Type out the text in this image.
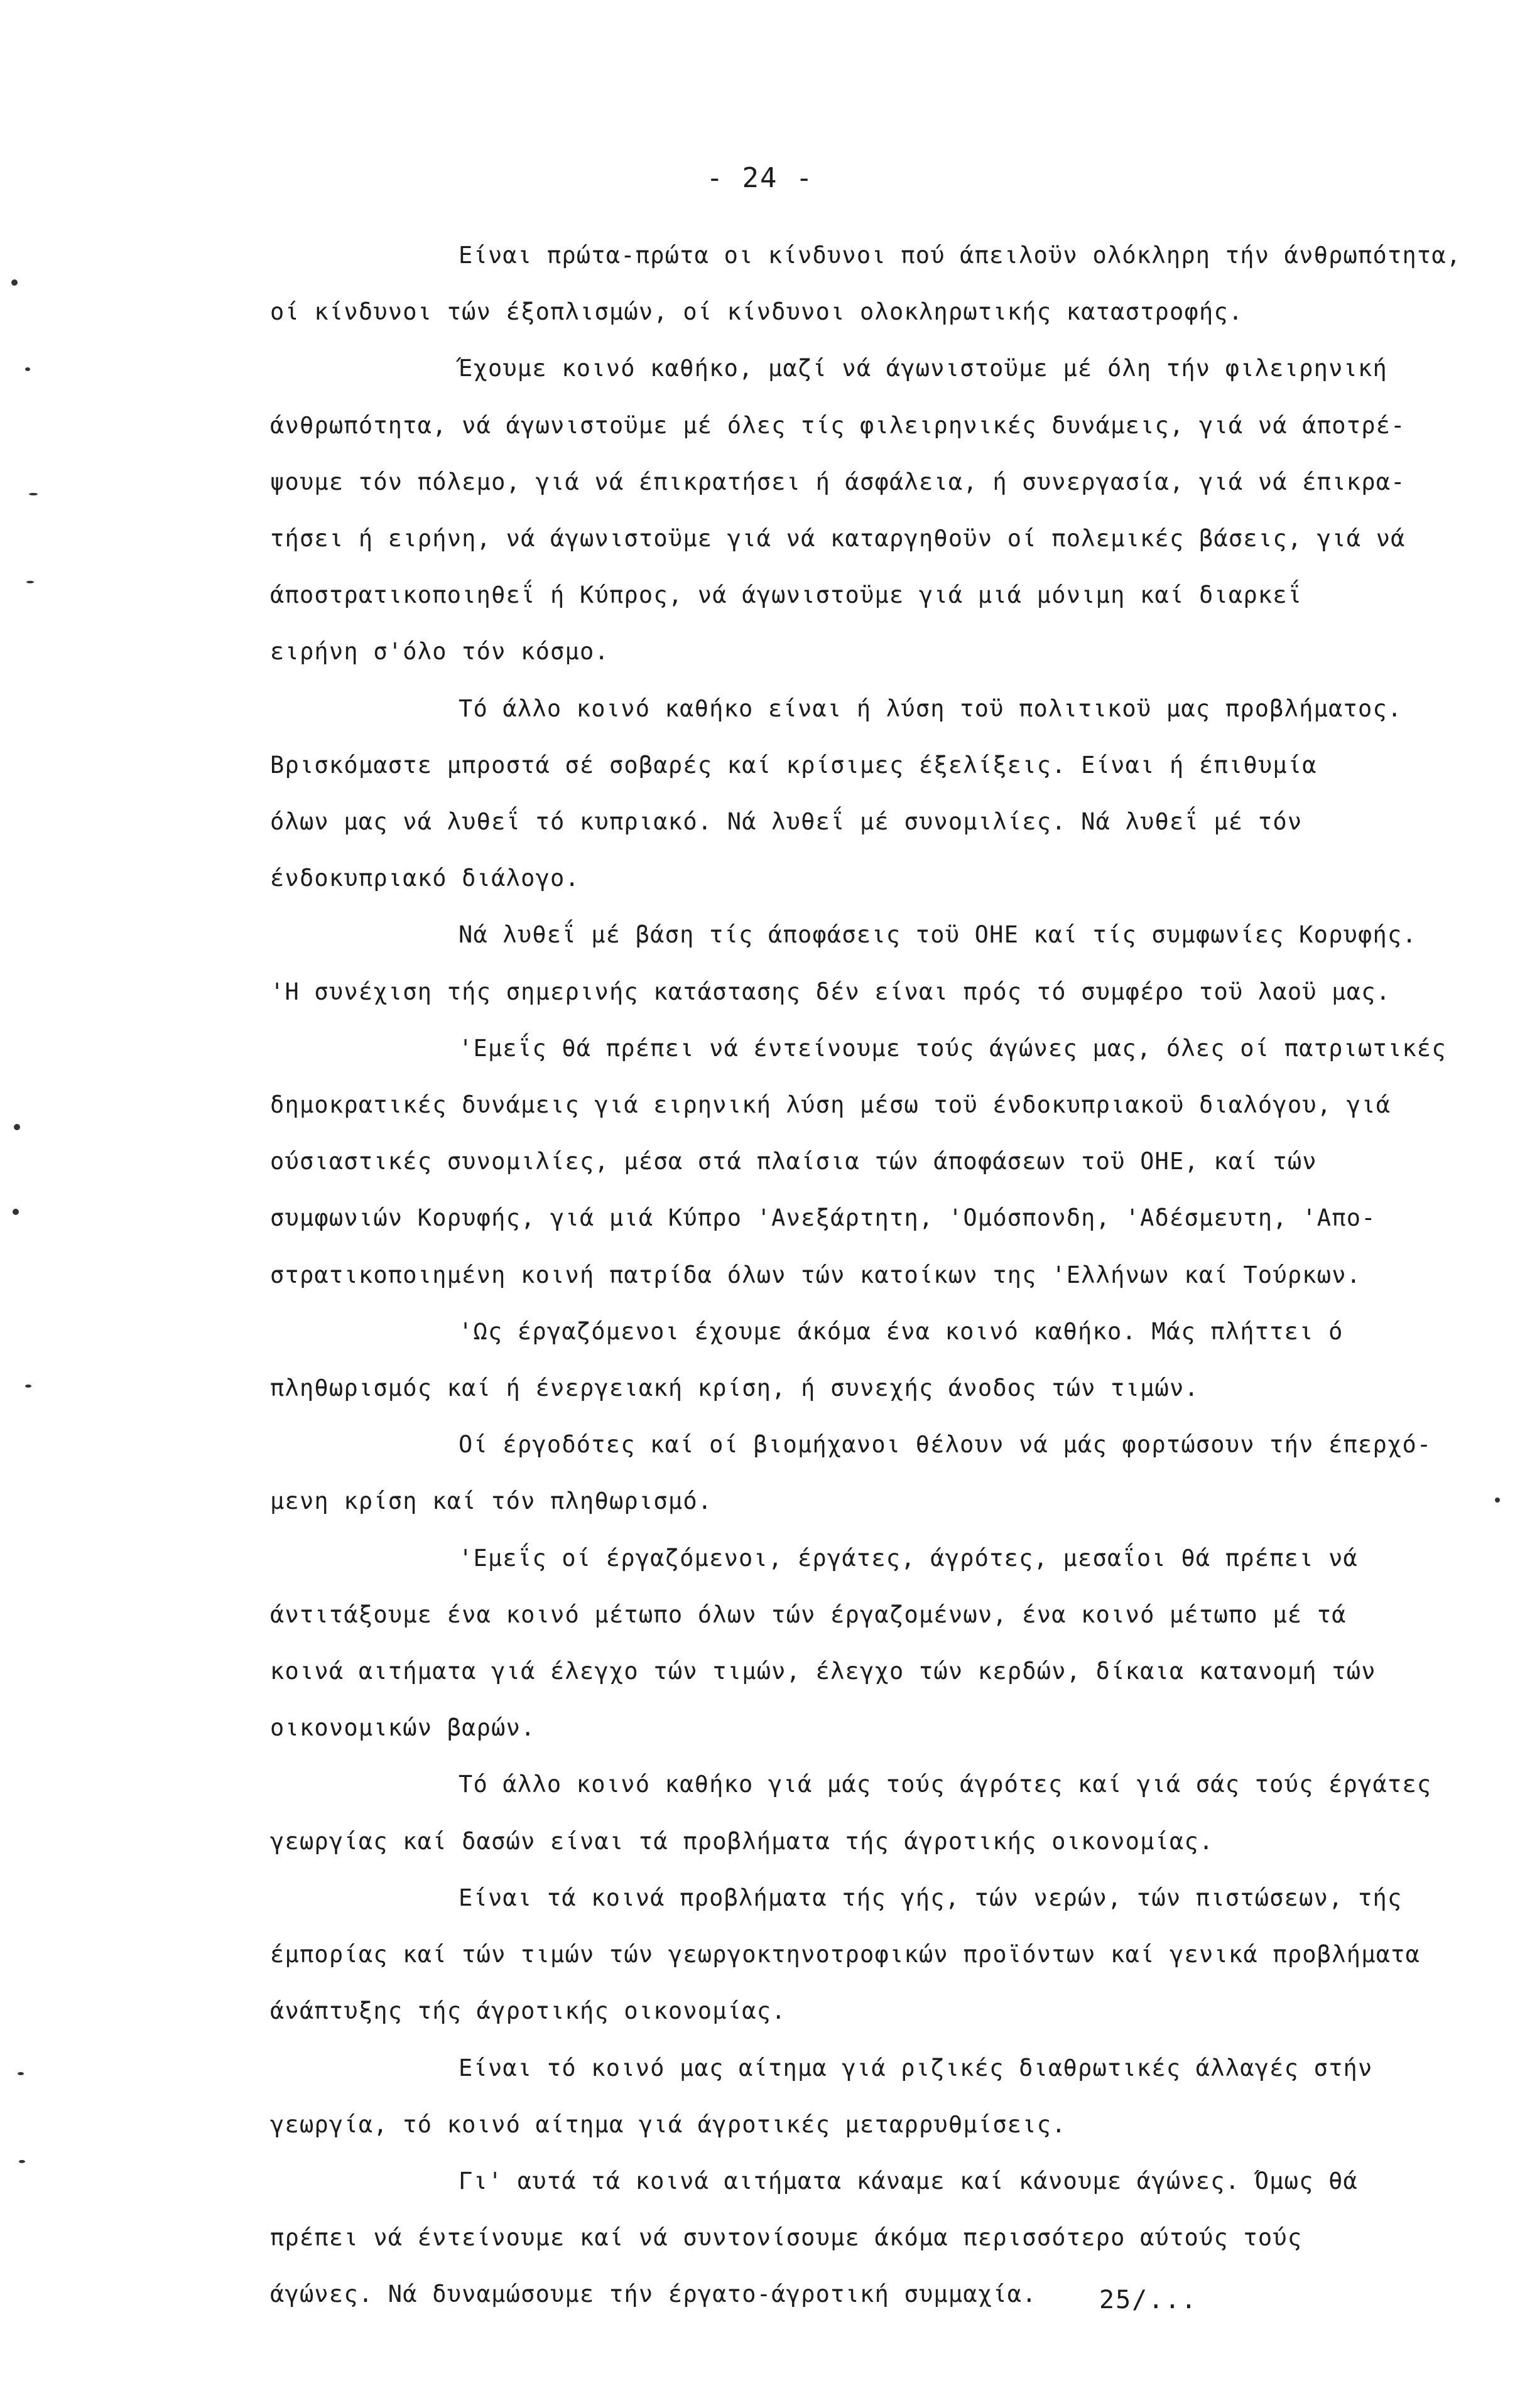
- 24 -
Είναι πρώτα-πρώτα οι κίνδυνοι πού άπειλοϋν ολόκληρη τήν άνθρωπότητα,
οί κίνδυνοι τών έξοπλισμών, οί κίνδυνοι ολοκληρωτικής καταστροφής.
Έχουμε κοινό καθήκο, μαζί νά άγωνιστοϋμε μέ όλη τήν φιλειρηνική
άνθρωπότητα, νά άγωνιστοϋμε μέ όλες τίς φιλειρηνικές δυνάμεις, γιά νά άποτρέ-
ψουμε τόν πόλεμο, γιά νά έπικρατήσει ή άσφάλεια, ή συνεργασία, γιά νά έπικρα-
τήσει ή ειρήνη, νά άγωνιστοϋμε γιά νά καταργηθοϋν οί πολεμικές βάσεις, γιά νά
άποστρατικοποιηθεΐ ή Κύπρος, νά άγωνιστοϋμε γιά μιά μόνιμη καί διαρκεΐ
ειρήνη σ'όλο τόν κόσμο.
Τό άλλο κοινό καθήκο είναι ή λύση τοϋ πολιτικοϋ μας προβλήματος.
Βρισκόμαστε μπροστά σέ σοβαρές καί κρίσιμες έξελίξεις. Είναι ή έπιθυμία
όλων μας νά λυθεΐ τό κυπριακό. Νά λυθεΐ μέ συνομιλίες. Νά λυθεΐ μέ τόν
ένδοκυπριακό διάλογο.
Νά λυθεΐ μέ βάση τίς άποφάσεις τοϋ ΟΗΕ καί τίς συμφωνίες Κορυφής.
'Η συνέχιση τής σημερινής κατάστασης δέν είναι πρός τό συμφέρο τοϋ λαοϋ μας.
'Εμεΐς θά πρέπει νά έντείνουμε τούς άγώνες μας, όλες οί πατριωτικές
δημοκρατικές δυνάμεις γιά ειρηνική λύση μέσω τοϋ ένδοκυπριακοϋ διαλόγου, γιά
ούσιαστικές συνομιλίες, μέσα στά πλαίσια τών άποφάσεων τοϋ ΟΗΕ, καί τών
συμφωνιών Κορυφής, γιά μιά Κύπρο 'Ανεξάρτητη, 'Ομόσπονδη, 'Αδέσμευτη, 'Απο-
στρατικοποιημένη κοινή πατρίδα όλων τών κατοίκων της 'Ελλήνων καί Τούρκων.
'Ως έργαζόμενοι έχουμε άκόμα ένα κοινό καθήκο. Μάς πλήττει ό
πληθωρισμός καί ή ένεργειακή κρίση, ή συνεχής άνοδος τών τιμών.
Οί έργοδότες καί οί βιομήχανοι θέλουν νά μάς φορτώσουν τήν έπερχό-
μενη κρίση καί τόν πληθωρισμό.
'Εμεΐς οί έργαζόμενοι, έργάτες, άγρότες, μεσαΐοι θά πρέπει νά
άντιτάξουμε ένα κοινό μέτωπο όλων τών έργαζομένων, ένα κοινό μέτωπο μέ τά
κοινά αιτήματα γιά έλεγχο τών τιμών, έλεγχο τών κερδών, δίκαια κατανομή τών
οικονομικών βαρών.
Τό άλλο κοινό καθήκο γιά μάς τούς άγρότες καί γιά σάς τούς έργάτες
γεωργίας καί δασών είναι τά προβλήματα τής άγροτικής οικονομίας.
Είναι τά κοινά προβλήματα τής γής, τών νερών, τών πιστώσεων, τής
έμπορίας καί τών τιμών τών γεωργοκτηνοτροφικών προϊόντων καί γενικά προβλήματα
άνάπτυξης τής άγροτικής οικονομίας.
Είναι τό κοινό μας αίτημα γιά ριζικές διαθρωτικές άλλαγές στήν
γεωργία, τό κοινό αίτημα γιά άγροτικές μεταρρυθμίσεις.
Γι' αυτά τά κοινά αιτήματα κάναμε καί κάνουμε άγώνες. Όμως θά
πρέπει νά έντείνουμε καί νά συντονίσουμε άκόμα περισσότερο αύτούς τούς
άγώνες. Νά δυναμώσουμε τήν έργατο-άγροτική συμμαχία.	25/...
